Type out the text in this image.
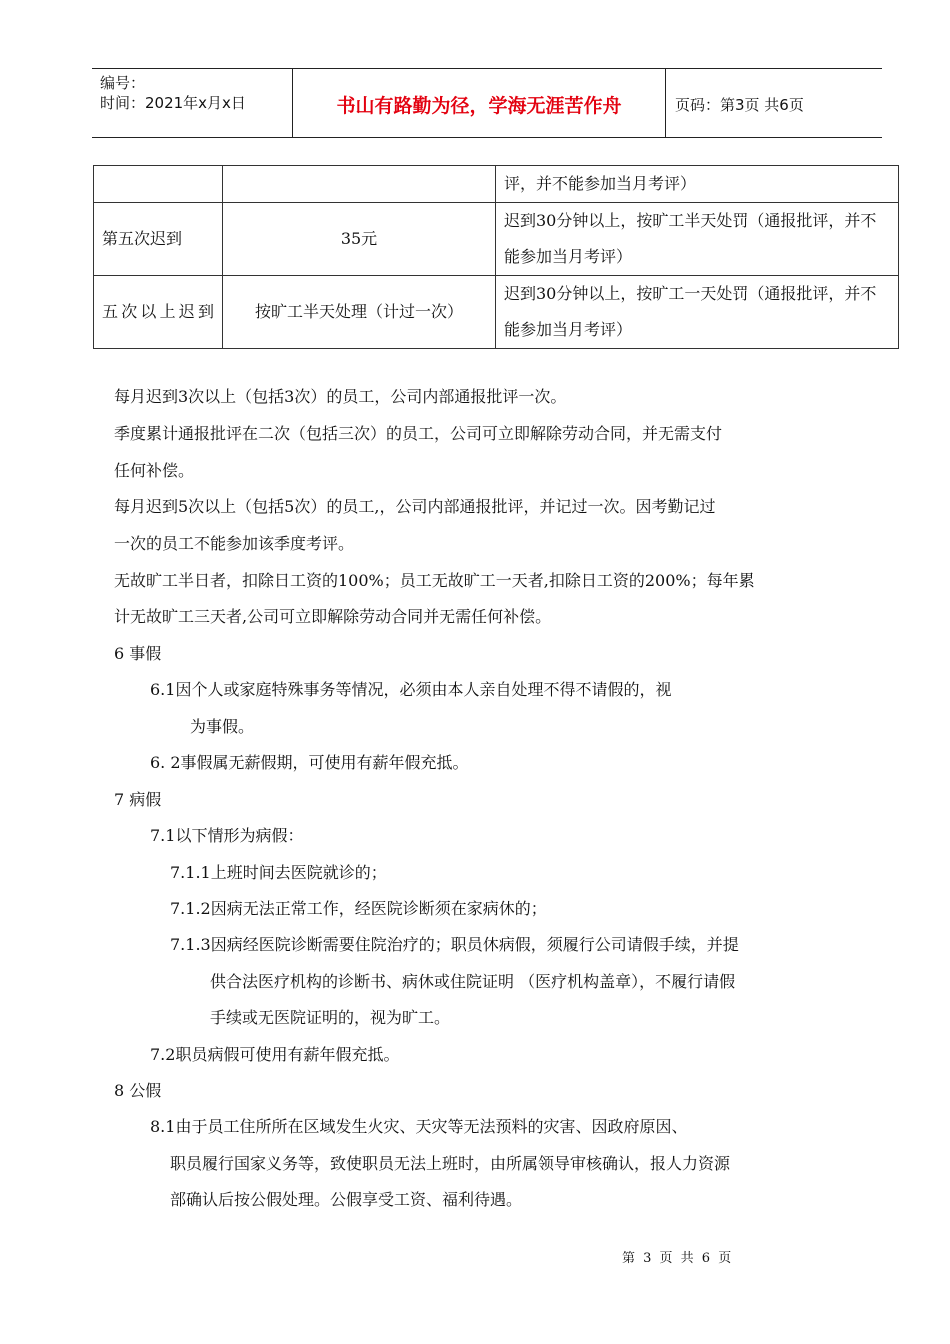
编号：
时间：2021年x月x日	书山有路勤为径，学海无涯苦作舟	页码：第3页 共6页
		评，并不能参加当月考评）
第五次迟到	35元	迟到30分钟以上，按旷工半天处罚（通报批评，并不能参加当月考评）
五次以上迟到	按旷工半天处理（计过一次）	迟到30分钟以上，按旷工一天处罚（通报批评，并不能参加当月考评）
每月迟到3次以上（包括3次）的员工，公司内部通报批评一次。
季度累计通报批评在二次（包括三次）的员工，公司可立即解除劳动合同，并无需支付
任何补偿。
每月迟到5次以上（包括5次）的员工,，公司内部通报批评，并记过一次。因考勤记过
一次的员工不能参加该季度考评。
无故旷工半日者，扣除日工资的100%；员工无故旷工一天者,扣除日工资的200%；每年累
计无故旷工三天者,公司可立即解除劳动合同并无需任何补偿。
6 事假
6.1因个人或家庭特殊事务等情况，必须由本人亲自处理不得不请假的，视
为事假。
6. 2事假属无薪假期，可使用有薪年假充抵。
7 病假
7.1以下情形为病假：
7.1.1上班时间去医院就诊的；
7.1.2因病无法正常工作，经医院诊断须在家病休的；
7.1.3因病经医院诊断需要住院治疗的；职员休病假，须履行公司请假手续，并提
供合法医疗机构的诊断书、病休或住院证明 （医疗机构盖章），不履行请假
手续或无医院证明的，视为旷工。
7.2职员病假可使用有薪年假充抵。
8 公假
8.1由于员工住所所在区域发生火灾、天灾等无法预料的灾害、因政府原因、
职员履行国家义务等，致使职员无法上班时，由所属领导审核确认，报人力资源
部确认后按公假处理。公假享受工资、福利待遇。
第 3 页 共 6 页
